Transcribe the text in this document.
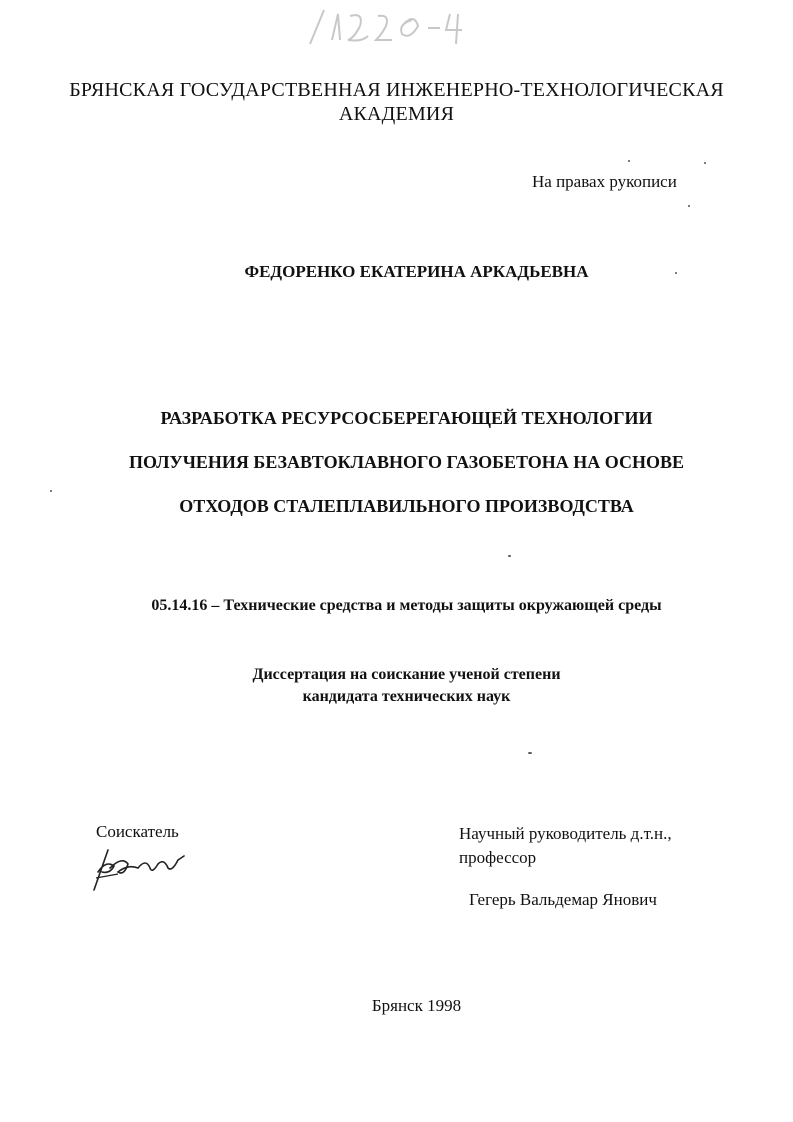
БРЯНСКАЯ ГОСУДАРСТВЕННАЯ ИНЖЕНЕРНО-ТЕХНОЛОГИЧЕСКАЯ
АКАДЕМИЯ
На правах рукописи
ФЕДОРЕНКО ЕКАТЕРИНА АРКАДЬЕВНА
РАЗРАБОТКА РЕСУРСОСБЕРЕГАЮЩЕЙ ТЕХНОЛОГИИ
ПОЛУЧЕНИЯ БЕЗАВТОКЛАВНОГО ГАЗОБЕТОНА НА ОСНОВЕ
ОТХОДОВ СТАЛЕПЛАВИЛЬНОГО ПРОИЗВОДСТВА
05.14.16 – Технические средства и методы защиты окружающей среды
Диссертация на соискание ученой степени
кандидата технических наук
Соискатель	Научный руководитель д.т.н.,
профессор
Гегерь Вальдемар Янович
Брянск 1998
